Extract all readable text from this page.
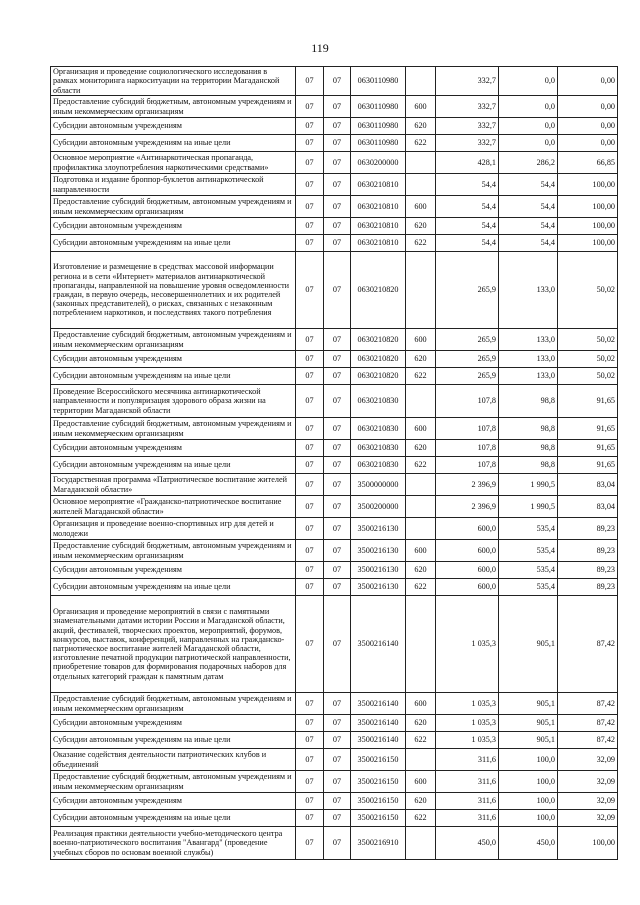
119
Организация и проведение социологического исследования в рамках мониторинга наркоситуации на территории Магаданской области	07	07	0630110980		332,7	0,0	0,00
Предоставление субсидий бюджетным, автономным учреждениям и иным некоммерческим организациям	07	07	0630110980	600	332,7	0,0	0,00
Субсидии автономным учреждениям	07	07	0630110980	620	332,7	0,0	0,00
Субсидии автономным учреждениям на иные цели	07	07	0630110980	622	332,7	0,0	0,00
Основное мероприятие «Антинаркотическая пропаганда, профилактика злоупотребления наркотическими средствами»	07	07	0630200000		428,1	286,2	66,85
Подготовка и издание броппор-буклетов антинаркотической направленности	07	07	0630210810		54,4	54,4	100,00
Предоставление субсидий бюджетным, автономным учреждениям и иным некоммерческим организациям	07	07	0630210810	600	54,4	54,4	100,00
Субсидии автономным учреждениям	07	07	0630210810	620	54,4	54,4	100,00
Субсидии автономным учреждениям на иные цели	07	07	0630210810	622	54,4	54,4	100,00
Изготовление и размещение в средствах массовой информации региона и в сети «Интернет» материалов антинаркотической пропаганды, направленной на повышение уровня осведомленности граждан, в первую очередь, несовершеннолетних и их родителей (законных представителей), о рисках, связанных с незаконным потреблением наркотиков, и последствиях такого потребления	07	07	0630210820		265,9	133,0	50,02
Предоставление субсидий бюджетным, автономным учреждениям и иным некоммерческим организациям	07	07	0630210820	600	265,9	133,0	50,02
Субсидии автономным учреждениям	07	07	0630210820	620	265,9	133,0	50,02
Субсидии автономным учреждениям на иные цели	07	07	0630210820	622	265,9	133,0	50,02
Проведение Всероссийского месячника антинаркотической направленности и популяризация здорового образа жизни на территории Магаданской области	07	07	0630210830		107,8	98,8	91,65
Предоставление субсидий бюджетным, автономным учреждениям и иным некоммерческим организациям	07	07	0630210830	600	107,8	98,8	91,65
Субсидии автономным учреждениям	07	07	0630210830	620	107,8	98,8	91,65
Субсидии автономным учреждениям на иные цели	07	07	0630210830	622	107,8	98,8	91,65
Государственная программа «Патриотическое воспитание жителей Магаданской области»	07	07	3500000000		2 396,9	1 990,5	83,04
Основное мероприятие «Гражданско-патриотическое воспитание жителей Магаданской области»	07	07	3500200000		2 396,9	1 990,5	83,04
Организация и проведение военно-спортивных игр для детей и молодежи	07	07	3500216130		600,0	535,4	89,23
Предоставление субсидий бюджетным, автономным учреждениям и иным некоммерческим организациям	07	07	3500216130	600	600,0	535,4	89,23
Субсидии автономным учреждениям	07	07	3500216130	620	600,0	535,4	89,23
Субсидии автономным учреждениям на иные цели	07	07	3500216130	622	600,0	535,4	89,23
Организация и проведение мероприятий в связи с памятными знаменательными датами истории России и Магаданской области, акций, фестивалей, творческих проектов, мероприятий, форумов, конкурсов, выставок, конференций, направленных на гражданско-патриотическое воспитание жителей Магаданской области, изготовление печатной продукции патриотической направленности, приобретение товаров для формирования подарочных наборов для отдельных категорий граждан к памятным датам	07	07	3500216140		1 035,3	905,1	87,42
Предоставление субсидий бюджетным, автономным учреждениям и иным некоммерческим организациям	07	07	3500216140	600	1 035,3	905,1	87,42
Субсидии автономным учреждениям	07	07	3500216140	620	1 035,3	905,1	87,42
Субсидии автономным учреждениям на иные цели	07	07	3500216140	622	1 035,3	905,1	87,42
Оказание содействия деятельности патриотических клубов и объединений	07	07	3500216150		311,6	100,0	32,09
Предоставление субсидий бюджетным, автономным учреждениям и иным некоммерческим организациям	07	07	3500216150	600	311,6	100,0	32,09
Субсидии автономным учреждениям	07	07	3500216150	620	311,6	100,0	32,09
Субсидии автономным учреждениям на иные цели	07	07	3500216150	622	311,6	100,0	32,09
Реализация практики деятельности учебно-методического центра военно-патриотического воспитания "Авангард" (проведение учебных сборов по основам военной службы)	07	07	3500216910		450,0	450,0	100,00
